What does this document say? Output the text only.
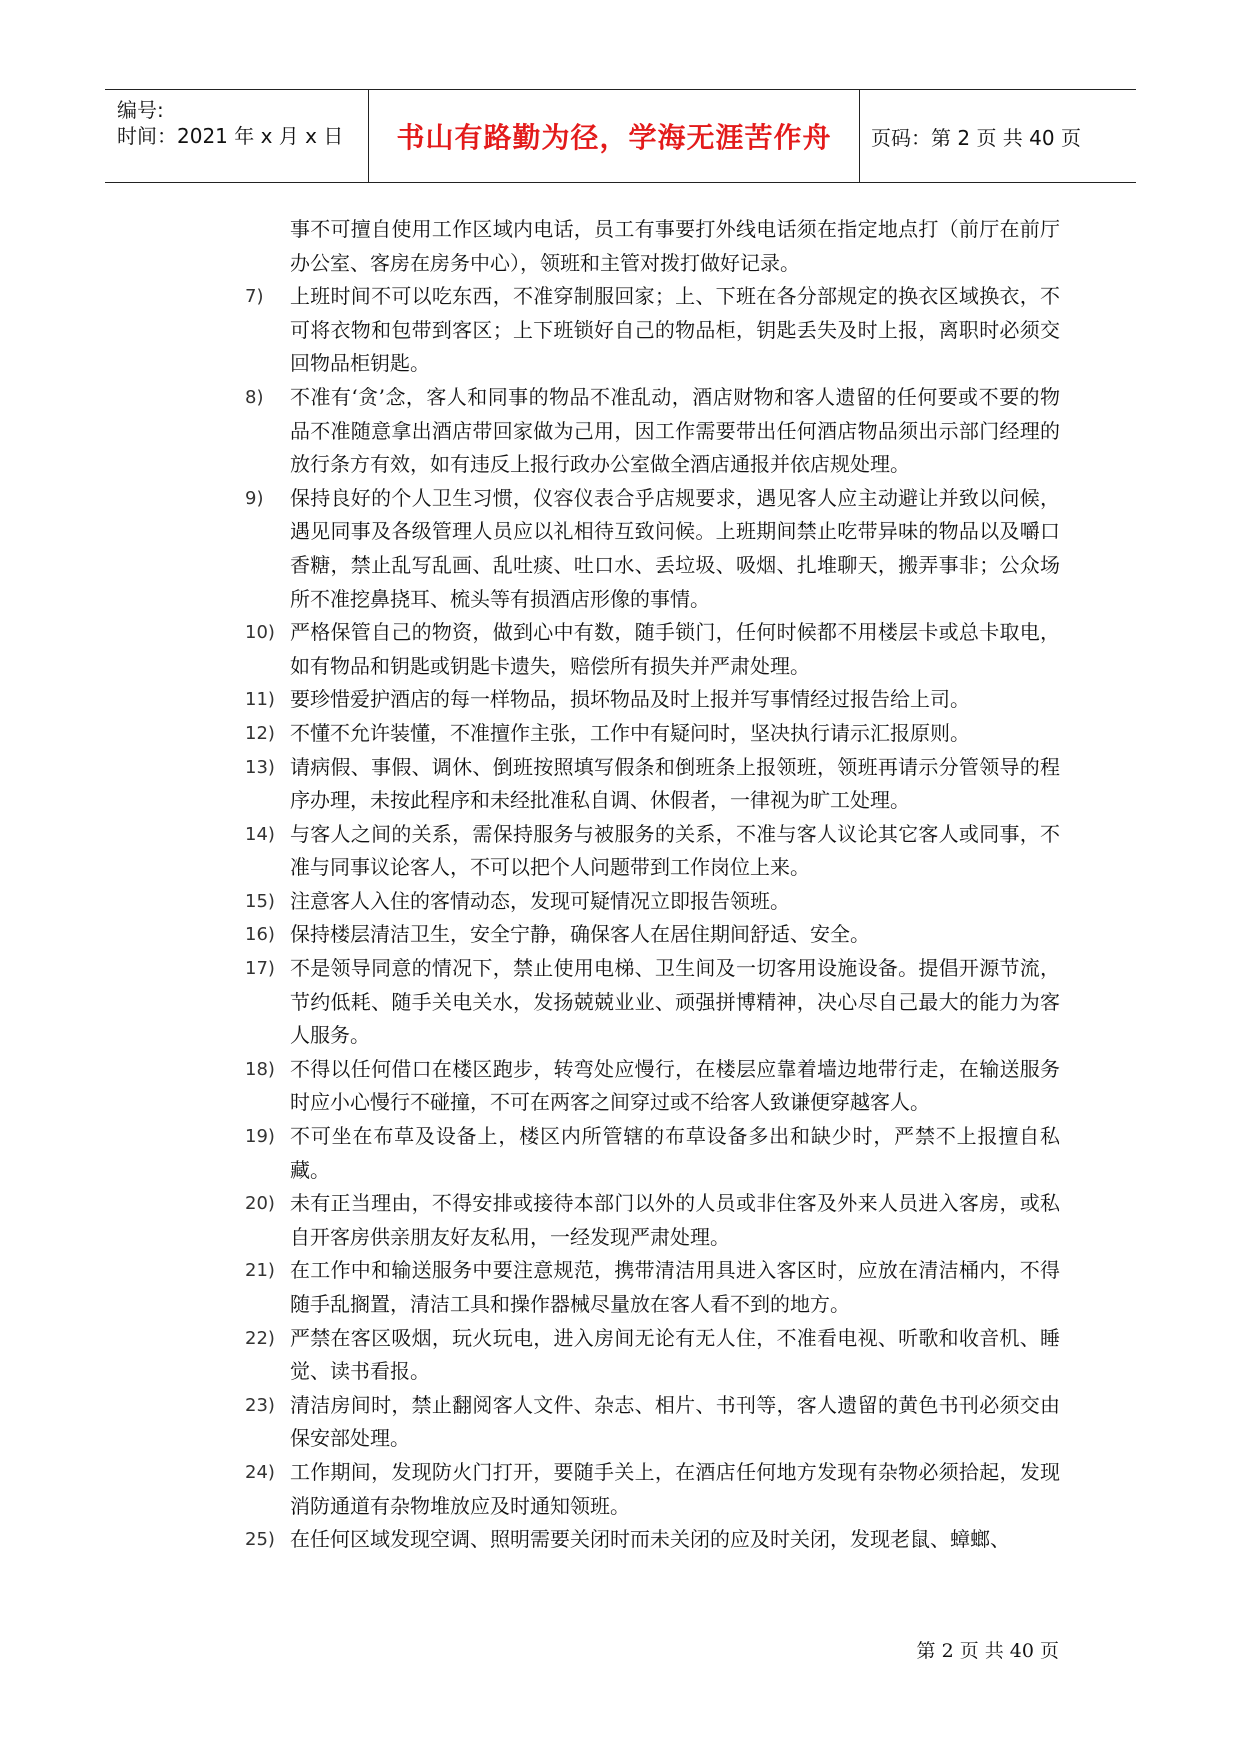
编号:
时间：2021 年 x 月 x 日 书山有路勤为径，学海无涯苦作舟 页码：第 2 页 共 40 页
事不可擅自使用工作区域内电话，员工有事要打外线电话须在指定地点打（前厅在前厅办公室、客房在房务中心），领班和主管对拨打做好记录。
7) 上班时间不可以吃东西，不准穿制服回家；上、下班在各分部规定的换衣区域换衣，不可将衣物和包带到客区；上下班锁好自己的物品柜，钥匙丢失及时上报，离职时必须交回物品柜钥匙。
8) 不准有‘贪’念，客人和同事的物品不准乱动，酒店财物和客人遗留的任何要或不要的物品不准随意拿出酒店带回家做为己用，因工作需要带出任何酒店物品须出示部门经理的放行条方有效，如有违反上报行政办公室做全酒店通报并依店规处理。
9) 保持良好的个人卫生习惯，仪容仪表合乎店规要求，遇见客人应主动避让并致以问候，遇见同事及各级管理人员应以礼相待互致问候。上班期间禁止吃带异味的物品以及嚼口香糖，禁止乱写乱画、乱吐痰、吐口水、丢垃圾、吸烟、扎堆聊天，搬弄事非；公众场所不准挖鼻挠耳、梳头等有损酒店形像的事情。
10) 严格保管自己的物资，做到心中有数，随手锁门，任何时候都不用楼层卡或总卡取电，如有物品和钥匙或钥匙卡遗失，赔偿所有损失并严肃处理。
11) 要珍惜爱护酒店的每一样物品，损坏物品及时上报并写事情经过报告给上司。
12) 不懂不允许装懂，不准擅作主张，工作中有疑问时，坚决执行请示汇报原则。
13) 请病假、事假、调休、倒班按照填写假条和倒班条上报领班，领班再请示分管领导的程序办理，未按此程序和未经批准私自调、休假者，一律视为旷工处理。
14) 与客人之间的关系，需保持服务与被服务的关系，不准与客人议论其它客人或同事，不准与同事议论客人，不可以把个人问题带到工作岗位上来。
15) 注意客人入住的客情动态，发现可疑情况立即报告领班。
16) 保持楼层清洁卫生，安全宁静，确保客人在居住期间舒适、安全。
17) 不是领导同意的情况下，禁止使用电梯、卫生间及一切客用设施设备。提倡开源节流，节约低耗、随手关电关水，发扬兢兢业业、顽强拼博精神，决心尽自己最大的能力为客人服务。
18) 不得以任何借口在楼区跑步，转弯处应慢行，在楼层应靠着墙边地带行走，在输送服务时应小心慢行不碰撞，不可在两客之间穿过或不给客人致谦便穿越客人。
19) 不可坐在布草及设备上，楼区内所管辖的布草设备多出和缺少时，严禁不上报擅自私藏。
20) 未有正当理由，不得安排或接待本部门以外的人员或非住客及外来人员进入客房，或私自开客房供亲朋友好友私用，一经发现严肃处理。
21) 在工作中和输送服务中要注意规范，携带清洁用具进入客区时，应放在清洁桶内，不得随手乱搁置，清洁工具和操作器械尽量放在客人看不到的地方。
22) 严禁在客区吸烟，玩火玩电，进入房间无论有无人住，不准看电视、听歌和收音机、睡觉、读书看报。
23) 清洁房间时，禁止翻阅客人文件、杂志、相片、书刊等，客人遗留的黄色书刊必须交由保安部处理。
24) 工作期间，发现防火门打开，要随手关上，在酒店任何地方发现有杂物必须拾起，发现消防通道有杂物堆放应及时通知领班。
25) 在任何区域发现空调、照明需要关闭时而未关闭的应及时关闭，发现老鼠、蟑螂、
第 2 页 共 40 页
